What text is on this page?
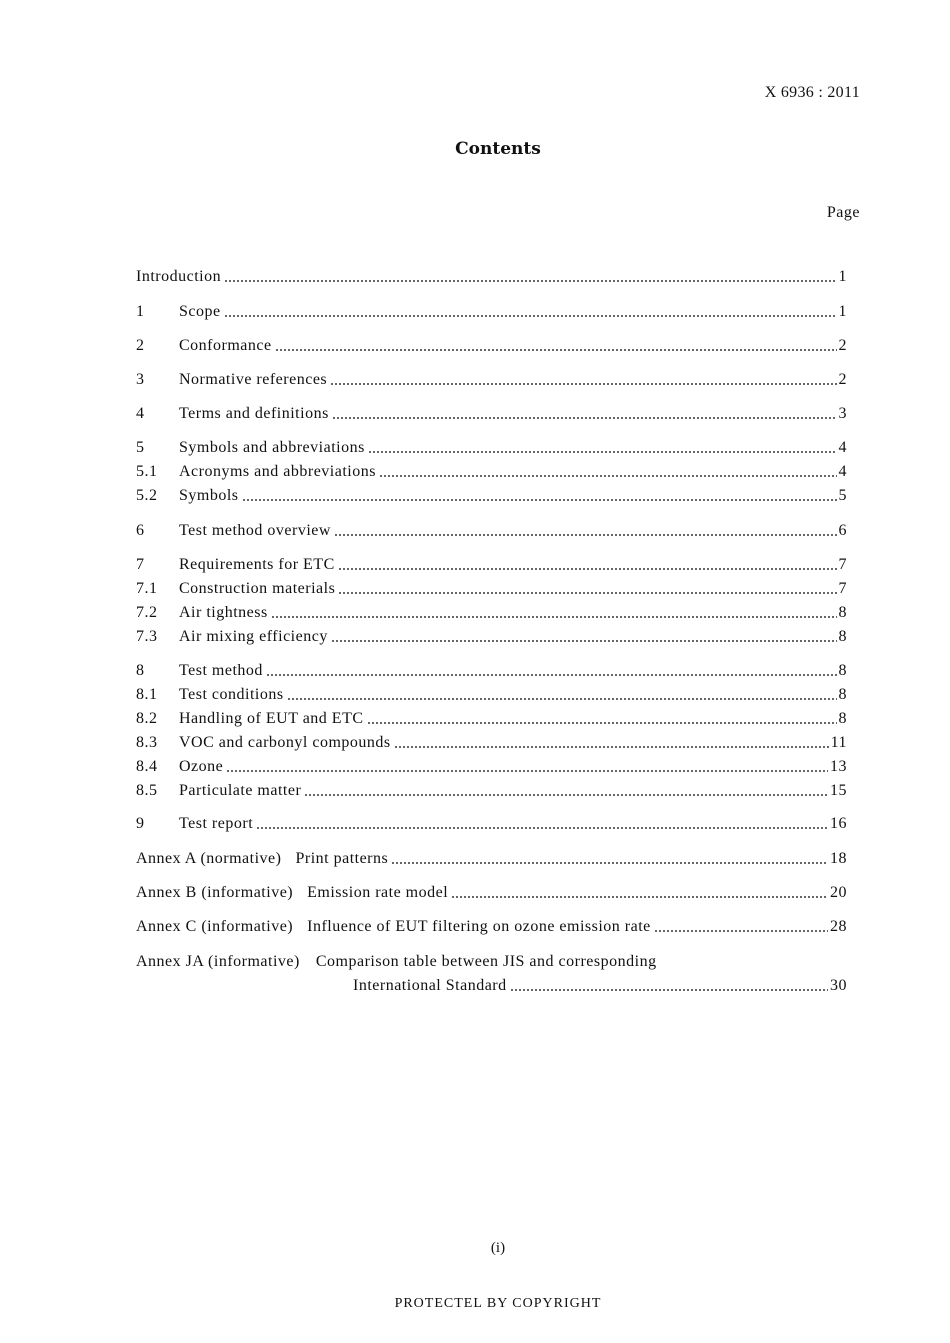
X 6936 : 2011
Contents
Page
Introduction	1
1	Scope	1
2	Conformance	2
3	Normative references	2
4	Terms and definitions	3
5	Symbols and abbreviations	4
5.1	Acronyms and abbreviations	4
5.2	Symbols	5
6	Test method overview	6
7	Requirements for ETC	7
7.1	Construction materials	7
7.2	Air tightness	8
7.3	Air mixing efficiency	8
8	Test method	8
8.1	Test conditions	8
8.2	Handling of EUT and ETC	8
8.3	VOC and carbonyl compounds	11
8.4	Ozone	13
8.5	Particulate matter	15
9	Test report	16
Annex A (normative) Print patterns	18
Annex B (informative) Emission rate model	20
Annex C (informative) Influence of EUT filtering on ozone emission rate	28
Annex JA (informative) Comparison table between JIS and corresponding
International Standard	30
(i)
PROTECTEL BY COPYRIGHT
